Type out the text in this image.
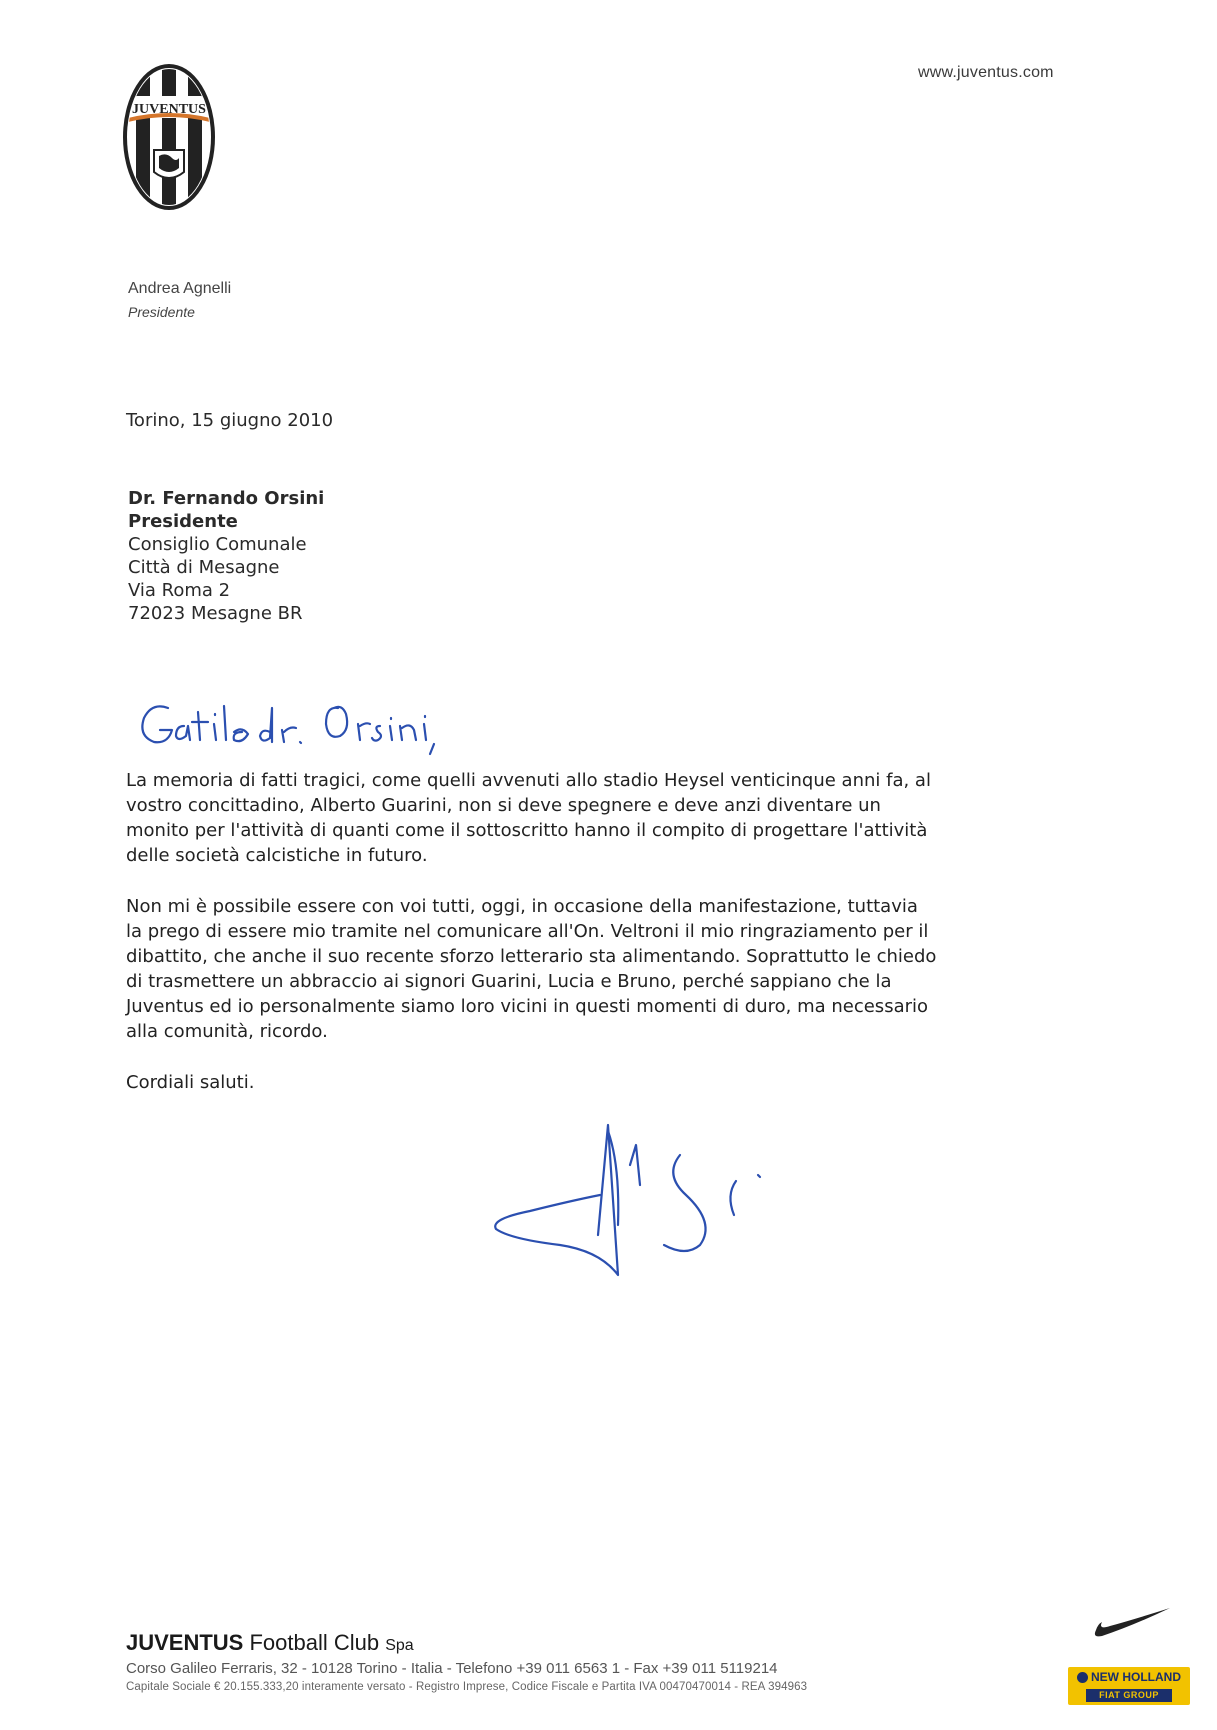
JUVENTUS
www.juventus.com
Andrea Agnelli
Presidente
Torino, 15 giugno 2010
Dr. Fernando Orsini
Presidente
Consiglio Comunale
Città di Mesagne
Via Roma 2
72023 Mesagne BR

La memoria di fatti tragici, come quelli avvenuti allo stadio Heysel venticinque anni fa, al
vostro concittadino, Alberto Guarini, non si deve spegnere e deve anzi diventare un
monito per l'attività di quanti come il sottoscritto hanno il compito di progettare l'attività
delle società calcistiche in futuro.

Non mi è possibile essere con voi tutti, oggi, in occasione della manifestazione, tuttavia
la prego di essere mio tramite nel comunicare all'On. Veltroni il mio ringraziamento per il
dibattito, che anche il suo recente sforzo letterario sta alimentando. Soprattutto le chiedo
di trasmettere un abbraccio ai signori Guarini, Lucia e Bruno, perché sappiano che la
Juventus ed io personalmente siamo loro vicini in questi momenti di duro, ma necessario
alla comunità, ricordo.

Cordiali saluti.

JUVENTUS Football Club Spa
Corso Galileo Ferraris, 32 - 10128 Torino - Italia - Telefono +39 011 6563 1 - Fax +39 011 5119214
Capitale Sociale € 20.155.333,20 interamente versato - Registro Imprese, Codice Fiscale e Partita IVA 00470470014 - REA 394963
NEW HOLLAND
FIAT GROUP
